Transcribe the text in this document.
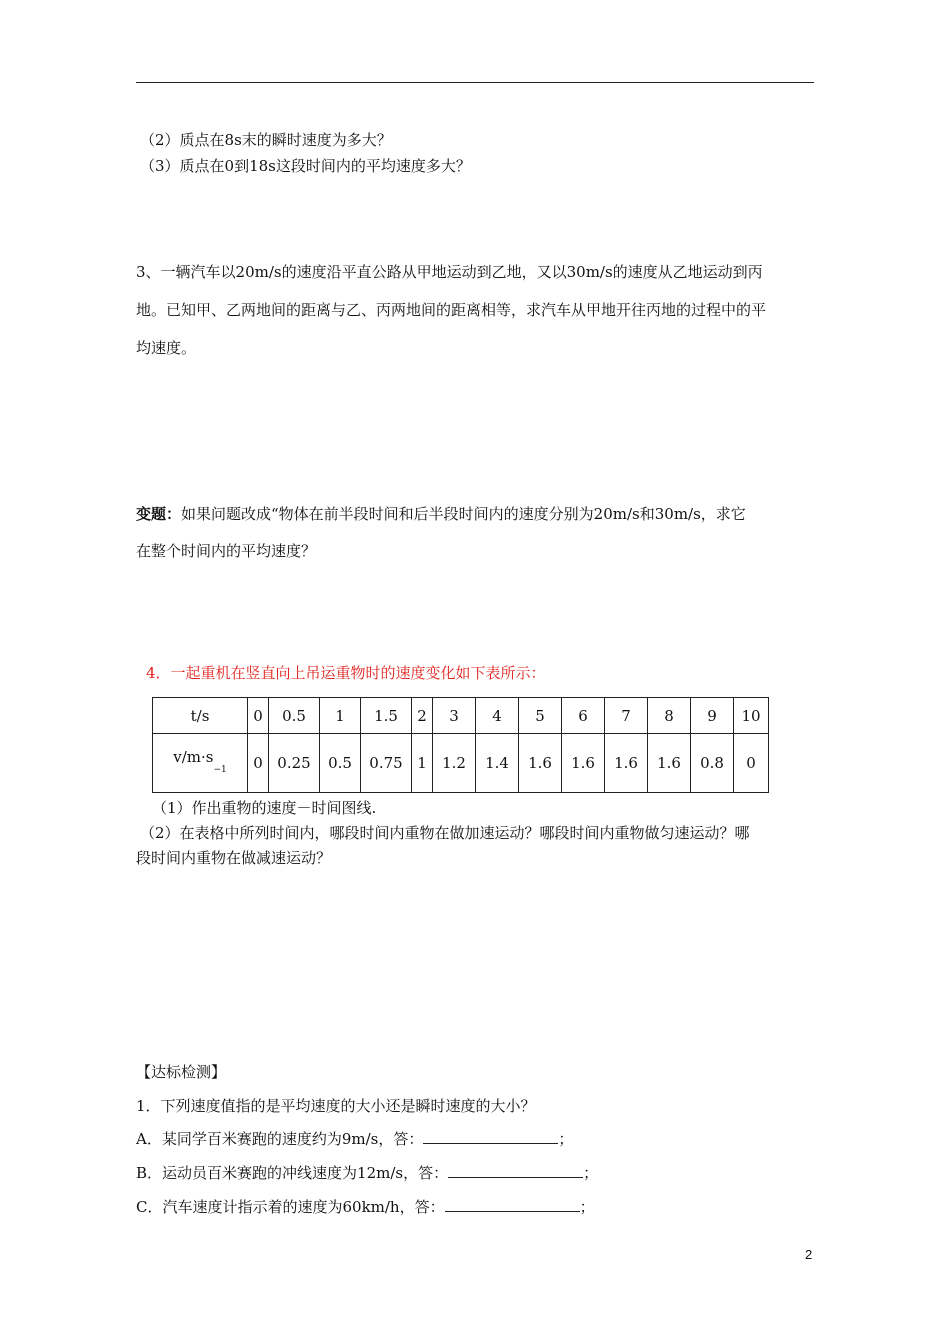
（2）质点在8s末的瞬时速度为多大？
（3）质点在0到18s这段时间内的平均速度多大？
3、一辆汽车以20m/s的速度沿平直公路从甲地运动到乙地，又以30m/s的速度从乙地运动到丙
地。已知甲、乙两地间的距离与乙、丙两地间的距离相等，求汽车从甲地开往丙地的过程中的平
均速度。
变题：如果问题改成“物体在前半段时间和后半段时间内的速度分别为20m/s和30m/s，求它
在整个时间内的平均速度？
4．一起重机在竖直向上吊运重物时的速度变化如下表所示：
t/s	0	0.5	1	1.5	2	3	4	5	6	7	8	9	10
$v/m\cdot s_{-1}$	0	0.25	0.5	0.75	1	1.2	1.4	1.6	1.6	1.6	1.6	0.8	0
（1）作出重物的速度－时间图线.
（2）在表格中所列时间内，哪段时间内重物在做加速运动？哪段时间内重物做匀速运动？哪
段时间内重物在做减速运动？
【达标检测】
1．下列速度值指的是平均速度的大小还是瞬时速度的大小？
A．某同学百米赛跑的速度约为9m/s，答：	；
B．运动员百米赛跑的冲线速度为12m/s，答：	；
C．汽车速度计指示着的速度为60km/h，答：	；
2
